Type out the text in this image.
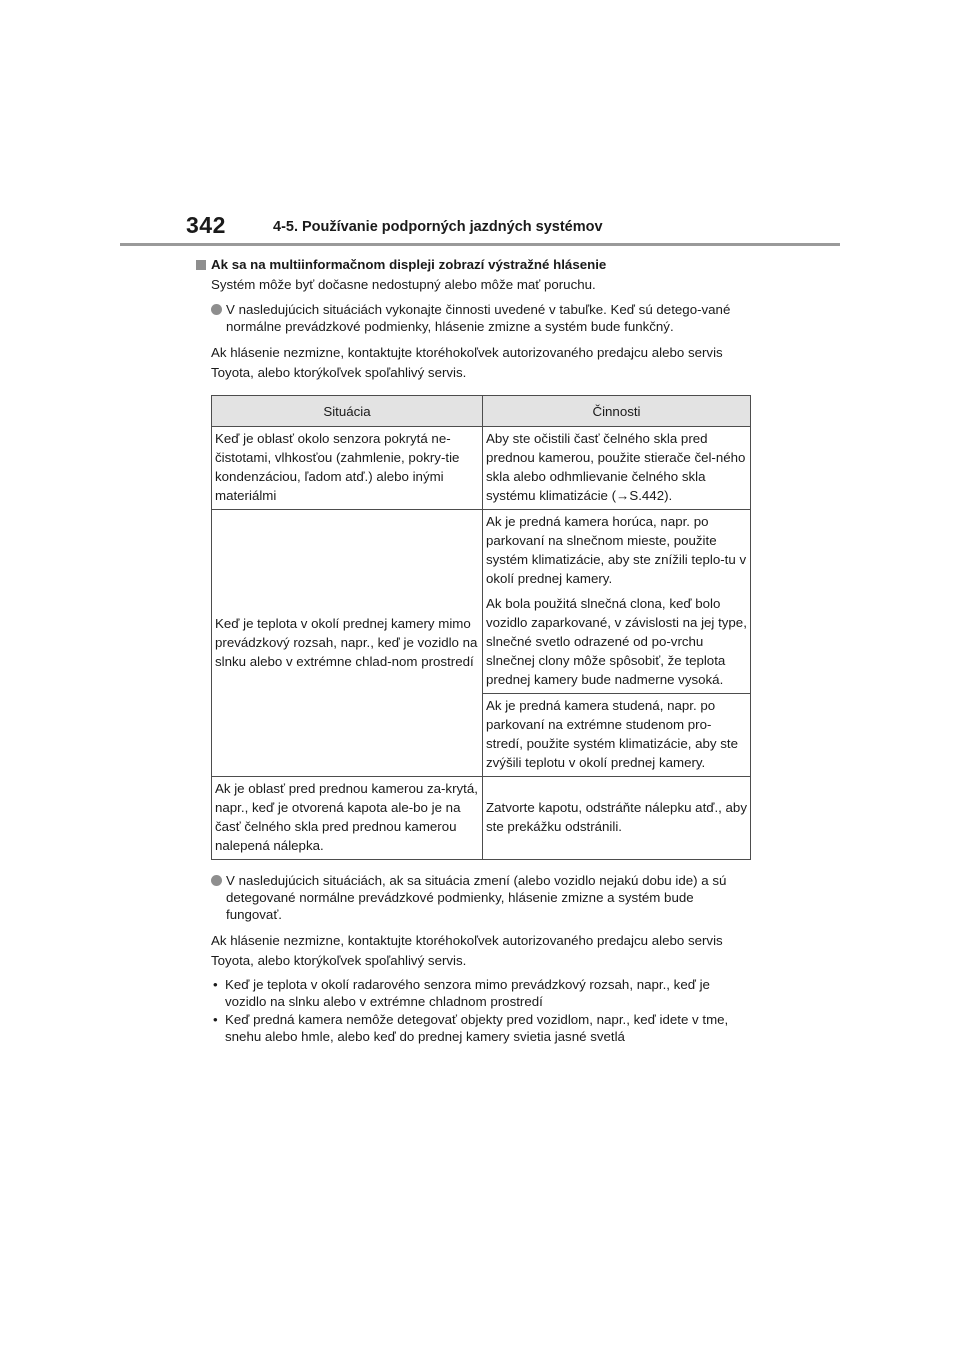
342	4-5. Používanie podporných jazdných systémov
Ak sa na multiinformačnom displeji zobrazí výstražné hlásenie

Systém môže byť dočasne nedostupný alebo môže mať poruchu.

V nasledujúcich situáciách vykonajte činnosti uvedené v tabuľke. Keď sú detego-vané normálne prevádzkové podmienky, hlásenie zmizne a systém bude funkčný.

Ak hlásenie nezmizne, kontaktujte ktoréhokoľvek autorizovaného predajcu alebo servis Toyota, alebo ktorýkoľvek spoľahlivý servis.

Situácia	Činnosti
Keď je oblasť okolo senzora pokrytá ne-čistotami, vlhkosťou (zahmlenie, pokry-tie kondenzáciou, ľadom atď.) alebo inými materiálmi	Aby ste očistili časť čelného skla pred prednou kamerou, použite stierače čel-ného skla alebo odhmlievanie čelného skla systému klimatizácie (→S.442).
Keď je teplota v okolí prednej kamery mimo prevádzkový rozsah, napr., keď je vozidlo na slnku alebo v extrémne chlad-nom prostredí	Ak je predná kamera horúca, napr. po parkovaní na slnečnom mieste, použite systém klimatizácie, aby ste znížili teplo-tu v okolí prednej kamery.
Ak bola použitá slnečná clona, keď bolo vozidlo zaparkované, v závislosti na jej type, slnečné svetlo odrazené od po-vrchu slnečnej clony môže spôsobiť, že teplota prednej kamery bude nadmerne vysoká.

	Ak je predná kamera studená, napr. po parkovaní na extrémne studenom pro-stredí, použite systém klimatizácie, aby ste zvýšili teplotu v okolí prednej kamery.
Ak je oblasť pred prednou kamerou za-krytá, napr., keď je otvorená kapota ale-bo je na časť čelného skla pred prednou kamerou nalepená nálepka.	Zatvorte kapotu, odstráňte nálepku atď., aby ste prekážku odstránili.
V nasledujúcich situáciách, ak sa situácia zmení (alebo vozidlo nejakú dobu ide) a sú detegované normálne prevádzkové podmienky, hlásenie zmizne a systém bude fungovať.

Ak hlásenie nezmizne, kontaktujte ktoréhokoľvek autorizovaného predajcu alebo servis Toyota, alebo ktorýkoľvek spoľahlivý servis.

• Keď je teplota v okolí radarového senzora mimo prevádzkový rozsah, napr., keď je vozidlo na slnku alebo v extrémne chladnom prostredí
• Keď predná kamera nemôže detegovať objekty pred vozidlom, napr., keď idete v tme, snehu alebo hmle, alebo keď do prednej kamery svietia jasné svetlá
